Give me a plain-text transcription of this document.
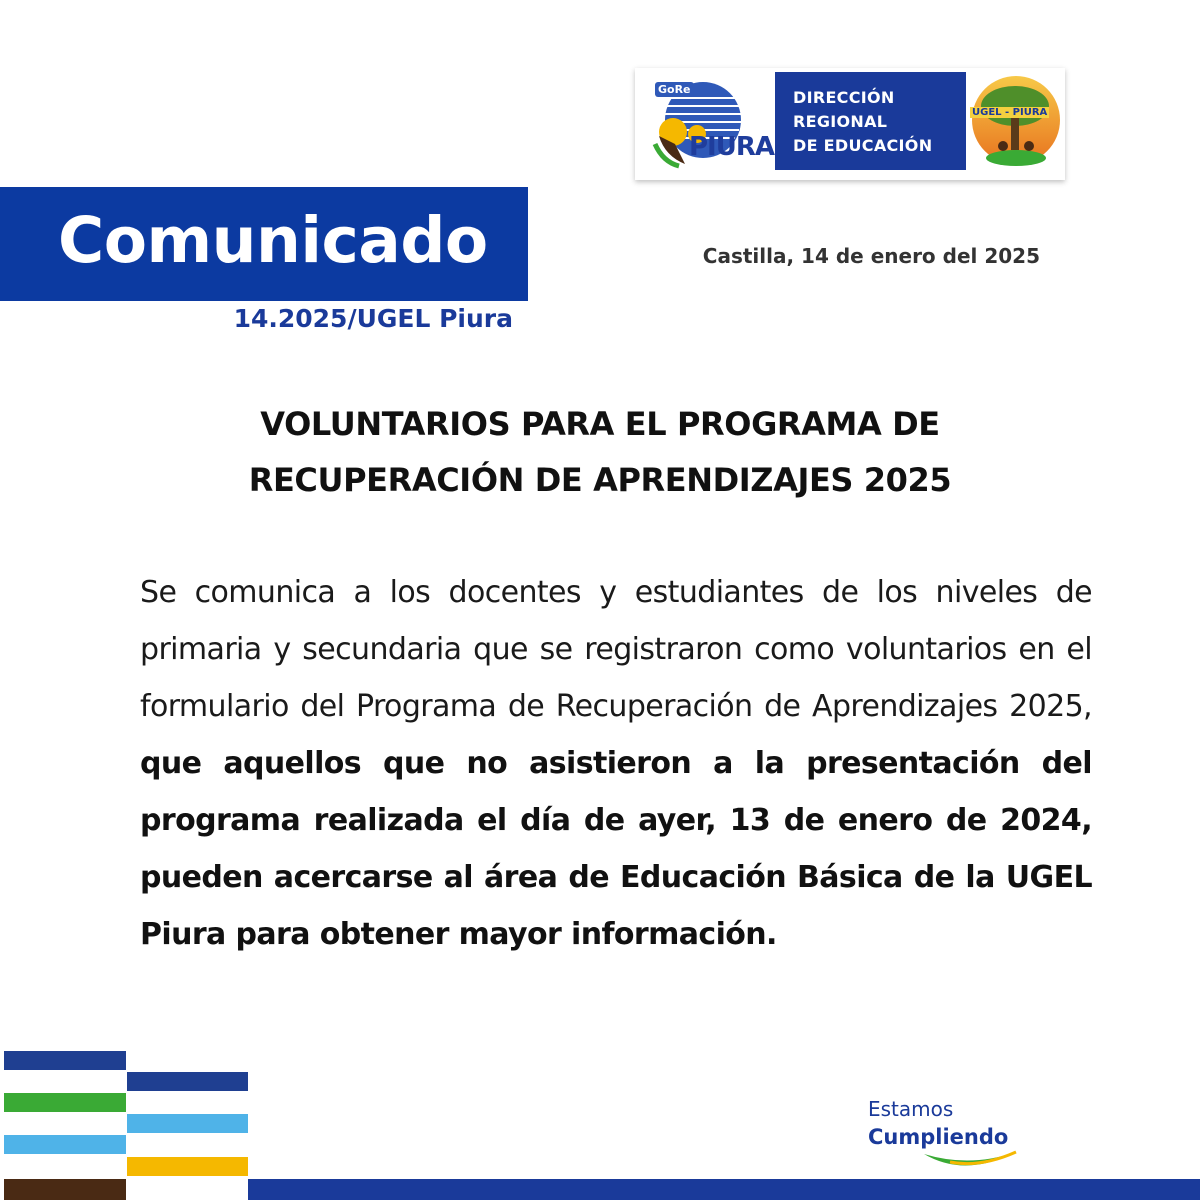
GoRe
PIURA
DIRECCIÓN
REGIONAL
DE EDUCACIÓN
UGEL - PIURA
Comunicado
14.2025/UGEL Piura
Castilla, 14 de enero del 2025
VOLUNTARIOS PARA EL PROGRAMA DE
RECUPERACIÓN DE APRENDIZAJES 2025
Se comunica a los docentes y estudiantes de los niveles de primaria y secundaria que se registraron como voluntarios en el formulario del Programa de Recuperación de Aprendizajes 2025, que aquellos que no asistieron a la presentación del programa realizada el día de ayer, 13 de enero de 2024, pueden acercarse al área de Educación Básica de la UGEL Piura para obtener mayor información.
Estamos
Cumpliendo
